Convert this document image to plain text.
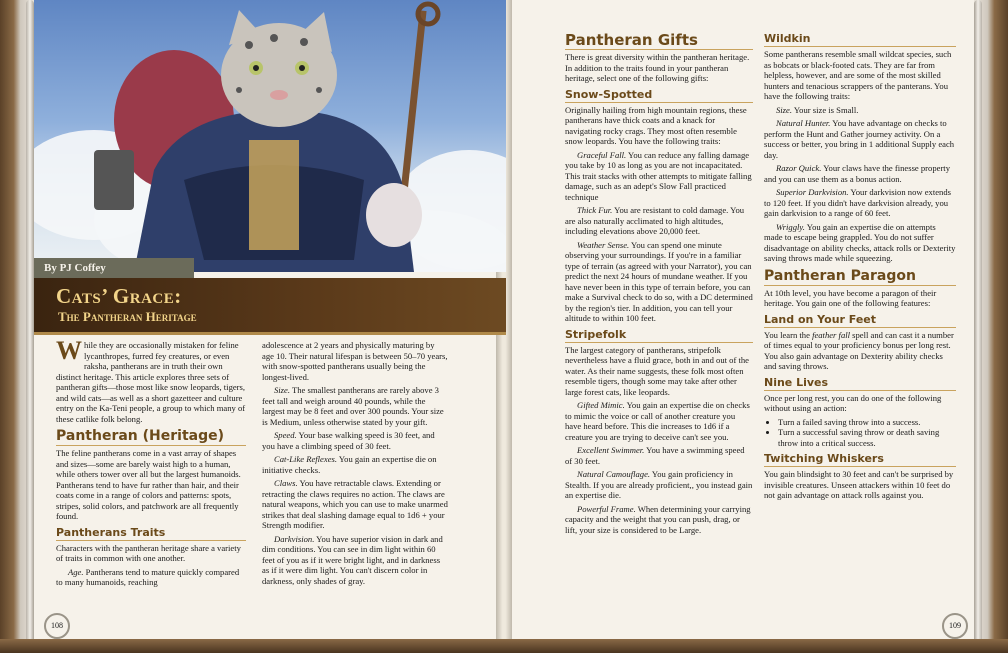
By PJ Coffey
Cats’ Grace:
The Pantheran Heritage

While they are occasionally mistaken for feline lycanthropes, furred fey creatures, or even raksha, pantherans are in truth their own distinct heritage. This article explores three sets of pantheran gifts—those most like snow leopards, tigers, and wild cats—as well as a short gazetteer and culture entry on the Ka-Teni people, a group to which many of these catlike folk belong.

Pantheran (Heritage)

The feline pantherans come in a vast array of shapes and sizes—some are barely waist high to a human, while others tower over all but the largest humanoids. Pantherans tend to have fur rather than hair, and their coats come in a range of colors and patterns: spots, stripes, solid colors, and patchwork are all frequently found.

Pantherans Traits

Characters with the pantheran heritage share a variety of traits in common with one another.

Age. Pantherans tend to mature quickly compared to many humanoids, reaching

adolescence at 2 years and physically maturing by age 10. Their natural lifespan is between 50–70 years, with snow-spotted pantherans usually being the longest-lived.

Size. The smallest pantherans are rarely above 3 feet tall and weigh around 40 pounds, while the largest may be 8 feet and over 300 pounds. Your size is Medium, unless otherwise stated by your gift.

Speed. Your base walking speed is 30 feet, and you have a climbing speed of 30 feet.

Cat-Like Reflexes. You gain an expertise die on initiative checks.

Claws. You have retractable claws. Extending or retracting the claws requires no action. The claws are natural weapons, which you can use to make unarmed strikes that deal slashing damage equal to 1d6 + your Strength modifier.

Darkvision. You have superior vision in dark and dim conditions. You can see in dim light within 60 feet of you as if it were bright light, and in darkness as if it were dim light. You can't discern color in darkness, only shades of gray.

Pantheran Gifts

There is great diversity within the pantheran heritage. In addition to the traits found in your pantheran heritage, select one of the following gifts:

Snow-Spotted

Originally hailing from high mountain regions, these pantherans have thick coats and a knack for navigating rocky crags. They most often resemble snow leopards. You have the following traits:

Graceful Fall. You can reduce any falling damage you take by 10 as long as you are not incapacitated. This trait stacks with other attempts to mitigate falling damage, such as an adept's Slow Fall practiced technique

Thick Fur. You are resistant to cold damage. You are also naturally acclimated to high altitudes, including elevations above 20,000 feet.

Weather Sense. You can spend one minute observing your surroundings. If you're in a familiar type of terrain (as agreed with your Narrator), you can predict the next 24 hours of mundane weather. If you have never been in this type of terrain before, you can make a Survival check to do so, with a DC determined by the region's tier. In addition, you can tell your altitude to within 100 feet.

Stripefolk

The largest category of pantherans, stripefolk nevertheless have a fluid grace, both in and out of the water. As their name suggests, these folk most often resemble tigers, though some may take after other large forest cats, like leopards.

Gifted Mimic. You gain an expertise die on checks to mimic the voice or call of another creature you have heard before. This die increases to 1d6 if a creature you are trying to deceive can't see you.

Excellent Swimmer. You have a swimming speed of 30 feet.

Natural Camouflage. You gain proficiency in Stealth. If you are already proficient,, you instead gain an expertise die.

Powerful Frame. When determining your carrying capacity and the weight that you can push, drag, or lift, your size is considered to be Large.

Wildkin

Some pantherans resemble small wildcat species, such as bobcats or black-footed cats. They are far from helpless, however, and are some of the most skilled hunters and tenacious scrappers of the panterans. You have the following traits:

Size. Your size is Small.

Natural Hunter. You have advantage on checks to perform the Hunt and Gather journey activity. On a success or better, you bring in 1 additional Supply each day.

Razor Quick. Your claws have the finesse property and you can use them as a bonus action.

Superior Darkvision. Your darkvision now extends to 120 feet. If you didn't have darkvision already, you gain darkvision to a range of 60 feet.

Wriggly. You gain an expertise die on attempts made to escape being grappled. You do not suffer disadvantage on ability checks, attack rolls or Dexterity saving throws made while squeezing.

Pantheran Paragon

At 10th level, you have become a paragon of their heritage. You gain one of the following features:

Land on Your Feet

You learn the feather fall spell and can cast it a number of times equal to your proficiency bonus per long rest. You also gain advantage on Dexterity ability checks and saving throws.

Nine Lives

Once per long rest, you can do one of the following without using an action:

• Turn a failed saving throw into a success.
• Turn a successful saving throw or death saving throw into a critical success.
Twitching Whiskers

You gain blindsight to 30 feet and can't be surprised by invisible creatures. Unseen attackers within 10 feet do not gain advantage on attack rolls against you.

108	109
